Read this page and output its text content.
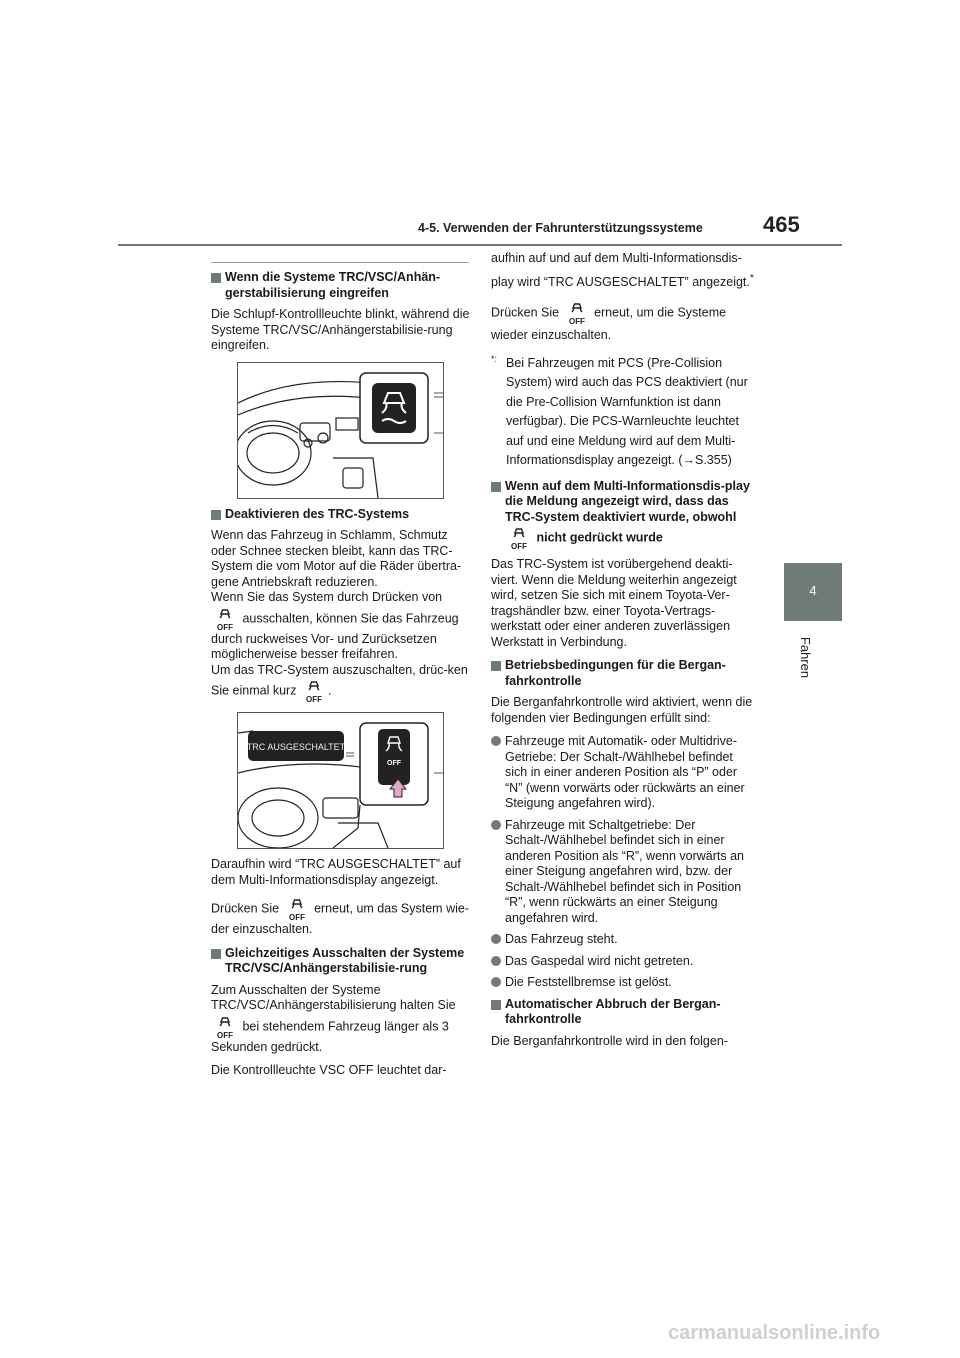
4-5. Verwenden der Fahrunterstützungssysteme	465
4
Fahren
Wenn die Systeme TRC/VSC/Anhän-gerstabilisierung eingreifen
Die Schlupf-Kontrollleuchte blinkt, während die Systeme TRC/VSC/Anhängerstabilisie-rung eingreifen.
Deaktivieren des TRC-Systems
Wenn das Fahrzeug in Schlamm, Schmutz oder Schnee stecken bleibt, kann das TRC-System die vom Motor auf die Räder übertra-gene Antriebskraft reduzieren.
Wenn Sie das System durch Drücken von
OFF
ausschalten, können Sie das Fahrzeug durch ruckweises Vor- und Zurücksetzen möglicherweise besser freifahren.
Um das TRC-System auszuschalten, drüc-ken Sie einmal kurz
OFF
.
TRC AUSGESCHALTET
OFF
Daraufhin wird “TRC AUSGESCHALTET” auf dem Multi-Informationsdisplay angezeigt.
Drücken Sie
OFF
erneut, um das System wie-der einzuschalten.
Gleichzeitiges Ausschalten der Systeme TRC/VSC/Anhängerstabilisie-rung
Zum Ausschalten der Systeme TRC/VSC/Anhängerstabilisierung halten Sie
OFF
bei stehendem Fahrzeug länger als 3 Sekunden gedrückt.
Die Kontrollleuchte VSC OFF leuchtet dar-
aufhin auf und auf dem Multi-Informationsdis-play wird “TRC AUSGESCHALTET” angezeigt.*
Drücken Sie
OFF
erneut, um die Systeme wieder einzuschalten.
*: Bei Fahrzeugen mit PCS (Pre-Collision System) wird auch das PCS deaktiviert (nur die Pre-Collision Warnfunktion ist dann verfügbar). Die PCS-Warnleuchte leuchtet auf und eine Meldung wird auf dem Multi-Informationsdisplay angezeigt. (→S.355)
Wenn auf dem Multi-Informationsdis-play die Meldung angezeigt wird, dass das TRC-System deaktiviert wurde, obwohl
OFF
nicht gedrückt wurde
Das TRC-System ist vorübergehend deakti-viert. Wenn die Meldung weiterhin angezeigt wird, setzen Sie sich mit einem Toyota-Ver-tragshändler bzw. einer Toyota-Vertrags-werkstatt oder einer anderen zuverlässigen Werkstatt in Verbindung.
Betriebsbedingungen für die Bergan-fahrkontrolle
Die Berganfahrkontrolle wird aktiviert, wenn die folgenden vier Bedingungen erfüllt sind:
Fahrzeuge mit Automatik- oder Multidrive-Getriebe: Der Schalt-/Wählhebel befindet sich in einer anderen Position als “P” oder “N” (wenn vorwärts oder rückwärts an einer Steigung angefahren wird).
Fahrzeuge mit Schaltgetriebe: Der Schalt-/Wählhebel befindet sich in einer anderen Position als “R”, wenn vorwärts an einer Steigung angefahren wird, bzw. der Schalt-/Wählhebel befindet sich in Position “R”, wenn rückwärts an einer Steigung angefahren wird.
Das Fahrzeug steht.
Das Gaspedal wird nicht getreten.
Die Feststellbremse ist gelöst.
Automatischer Abbruch der Bergan-fahrkontrolle
Die Berganfahrkontrolle wird in den folgen-
carmanualsonline.info
